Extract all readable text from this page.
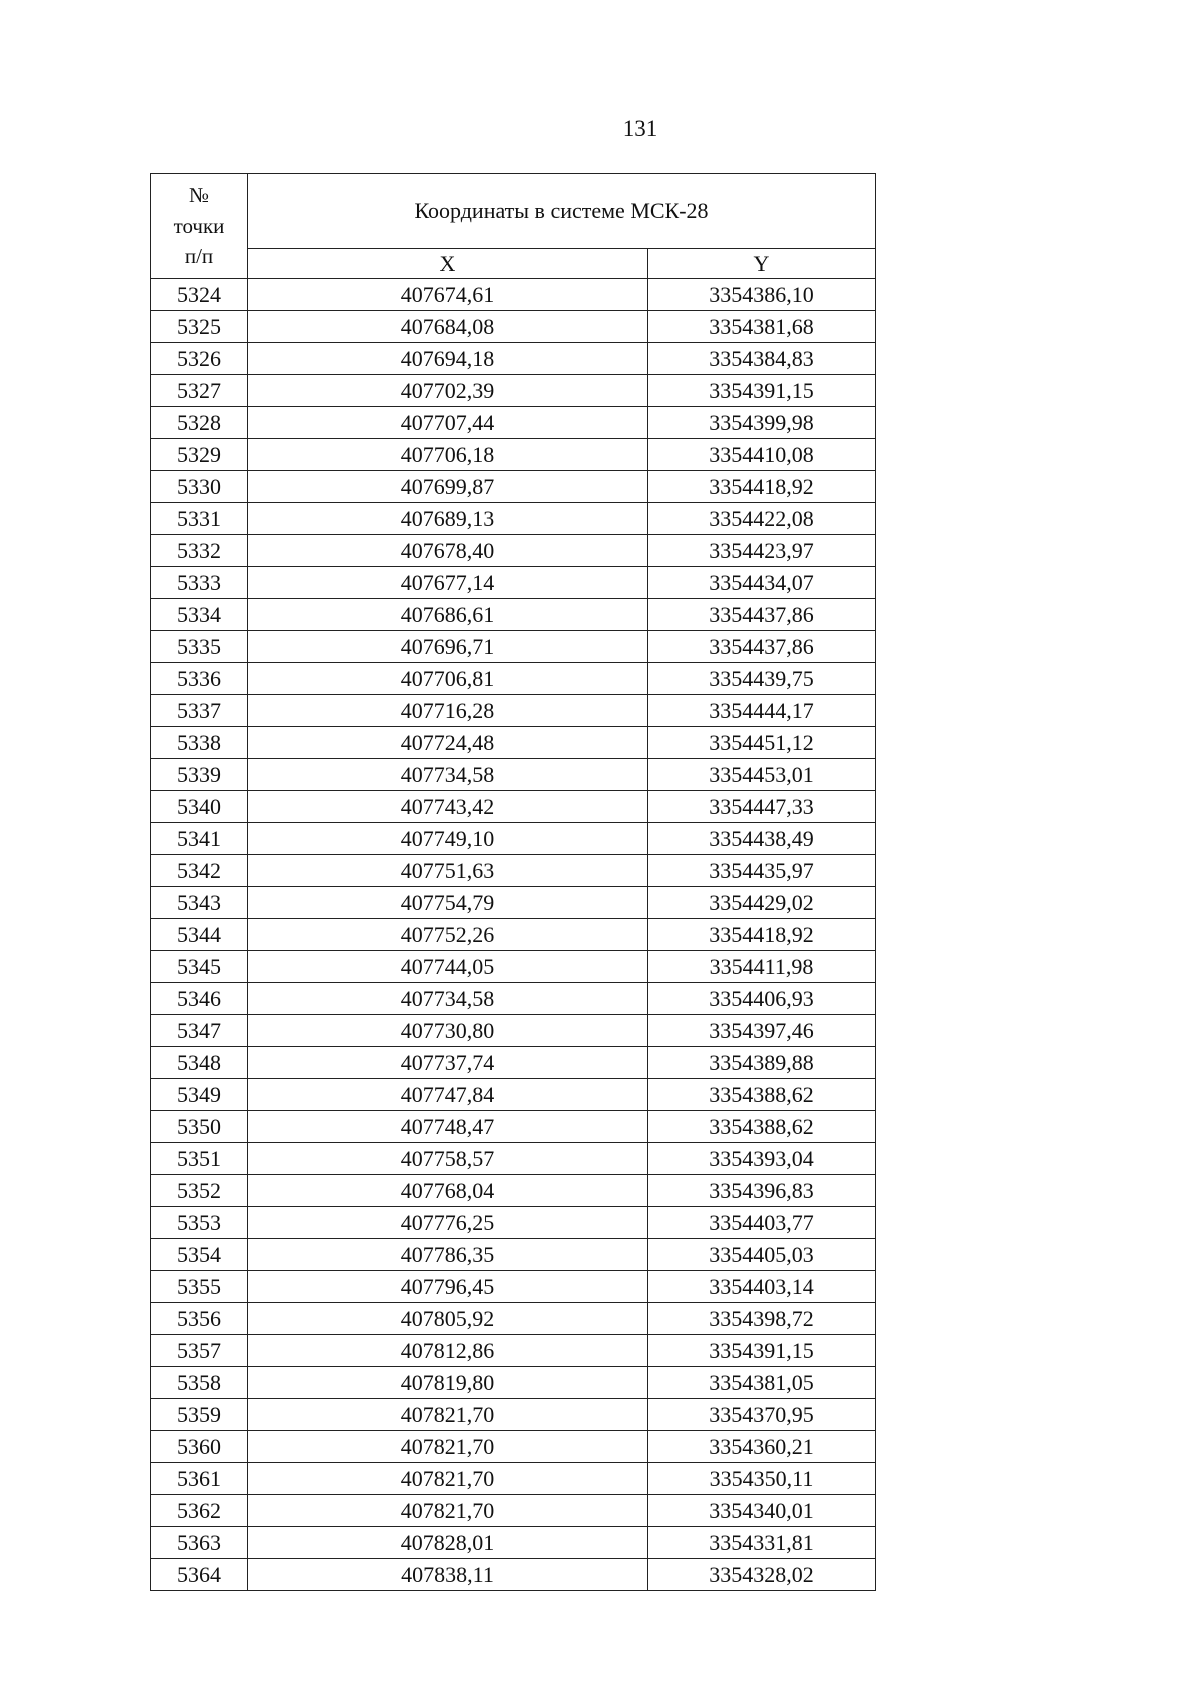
131
№
точки
п/п	Координаты в системе МСК-28	
	X	Y
5324	407674,61	3354386,10
5325	407684,08	3354381,68
5326	407694,18	3354384,83
5327	407702,39	3354391,15
5328	407707,44	3354399,98
5329	407706,18	3354410,08
5330	407699,87	3354418,92
5331	407689,13	3354422,08
5332	407678,40	3354423,97
5333	407677,14	3354434,07
5334	407686,61	3354437,86
5335	407696,71	3354437,86
5336	407706,81	3354439,75
5337	407716,28	3354444,17
5338	407724,48	3354451,12
5339	407734,58	3354453,01
5340	407743,42	3354447,33
5341	407749,10	3354438,49
5342	407751,63	3354435,97
5343	407754,79	3354429,02
5344	407752,26	3354418,92
5345	407744,05	3354411,98
5346	407734,58	3354406,93
5347	407730,80	3354397,46
5348	407737,74	3354389,88
5349	407747,84	3354388,62
5350	407748,47	3354388,62
5351	407758,57	3354393,04
5352	407768,04	3354396,83
5353	407776,25	3354403,77
5354	407786,35	3354405,03
5355	407796,45	3354403,14
5356	407805,92	3354398,72
5357	407812,86	3354391,15
5358	407819,80	3354381,05
5359	407821,70	3354370,95
5360	407821,70	3354360,21
5361	407821,70	3354350,11
5362	407821,70	3354340,01
5363	407828,01	3354331,81
5364	407838,11	3354328,02
